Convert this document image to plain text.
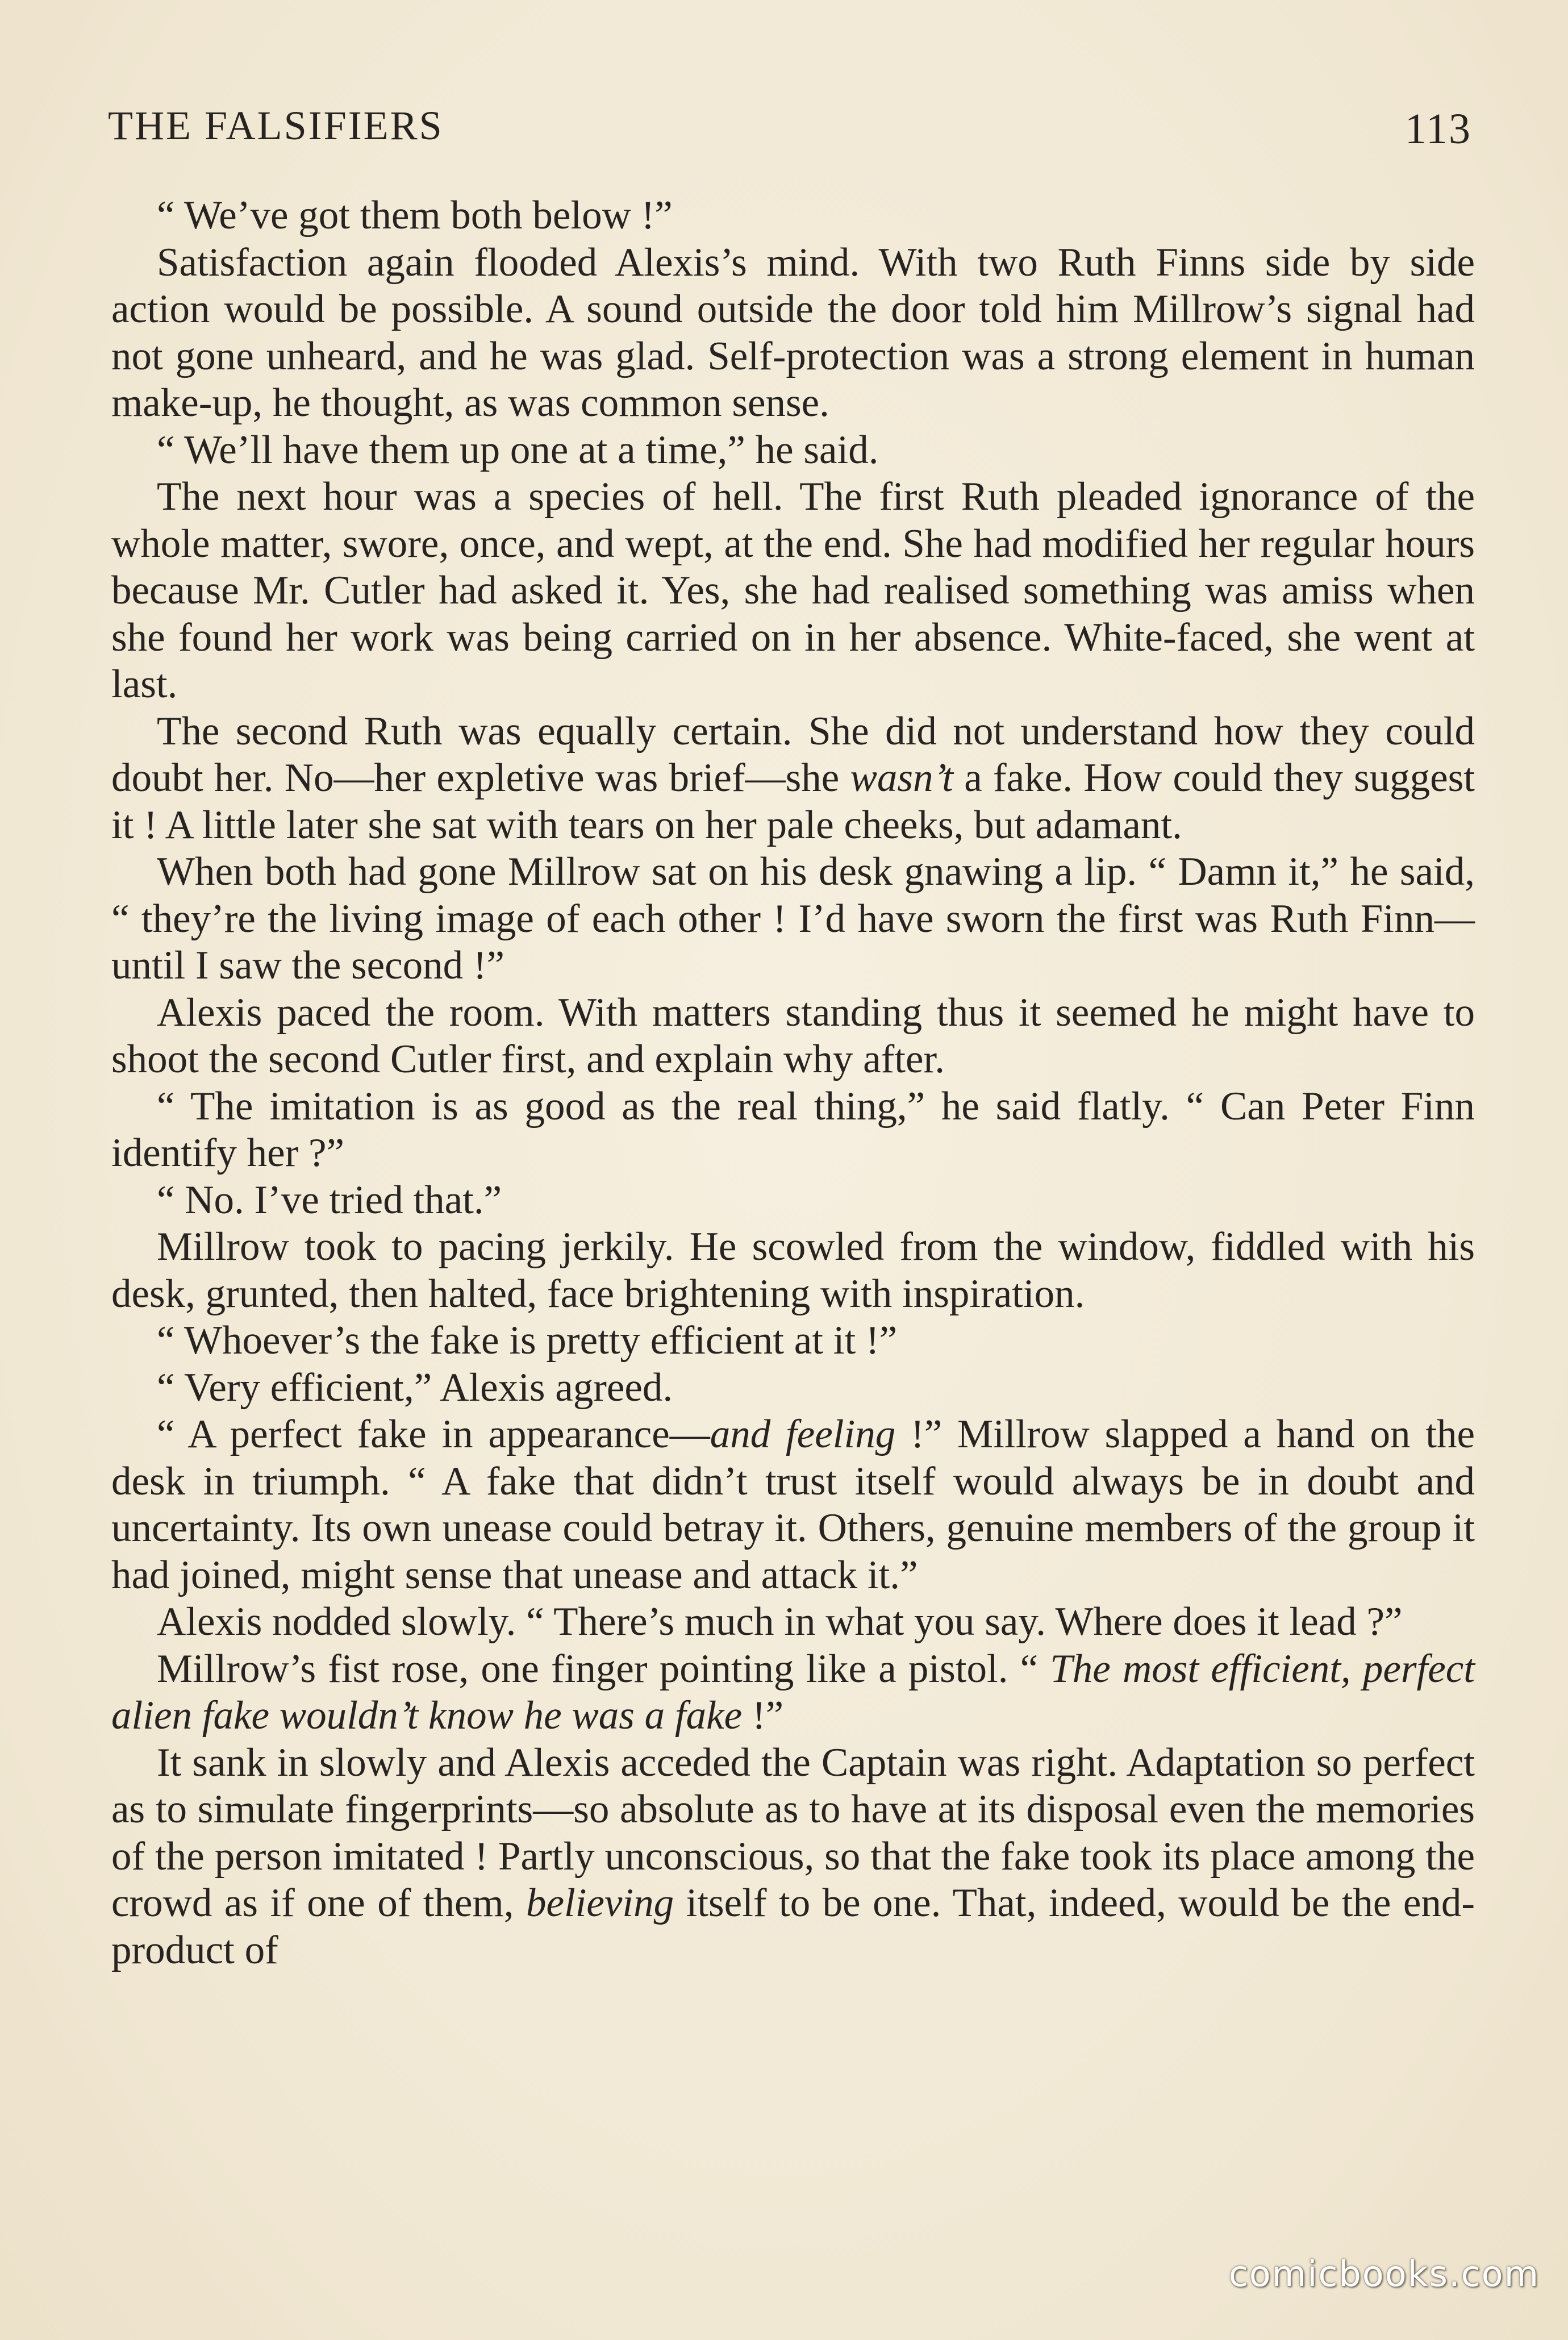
THE FALSIFIERS	113

“ We’ve got them both below !”

Satisfaction again flooded Alexis’s mind. With two Ruth Finns side by side action would be possible. A sound outside the door told him Millrow’s signal had not gone unheard, and he was glad. Self-protection was a strong element in human make-up, he thought, as was common sense.

“ We’ll have them up one at a time,” he said.

The next hour was a species of hell. The first Ruth pleaded ignorance of the whole matter, swore, once, and wept, at the end. She had modified her regular hours because Mr. Cutler had asked it. Yes, she had realised something was amiss when she found her work was being carried on in her absence. White-faced, she went at last.

The second Ruth was equally certain. She did not understand how they could doubt her. No—her expletive was brief—she wasn’t a fake. How could they suggest it ! A little later she sat with tears on her pale cheeks, but adamant.

When both had gone Millrow sat on his desk gnawing a lip. “ Damn it,” he said, “ they’re the living image of each other ! I’d have sworn the first was Ruth Finn—until I saw the second !”

Alexis paced the room. With matters standing thus it seemed he might have to shoot the second Cutler first, and explain why after.

“ The imitation is as good as the real thing,” he said flatly. “ Can Peter Finn identify her ?”

“ No. I’ve tried that.”

Millrow took to pacing jerkily. He scowled from the window, fiddled with his desk, grunted, then halted, face brightening with inspiration.

“ Whoever’s the fake is pretty efficient at it !”

“ Very efficient,” Alexis agreed.

“ A perfect fake in appearance—and feeling !” Millrow slapped a hand on the desk in triumph. “ A fake that didn’t trust itself would always be in doubt and uncertainty. Its own unease could betray it. Others, genuine members of the group it had joined, might sense that unease and attack it.”

Alexis nodded slowly. “ There’s much in what you say. Where does it lead ?”

Millrow’s fist rose, one finger pointing like a pistol. “ The most efficient, perfect alien fake wouldn’t know he was a fake !”

It sank in slowly and Alexis acceded the Captain was right. Adaptation so perfect as to simulate fingerprints—so absolute as to have at its disposal even the memories of the person imitated ! Partly unconscious, so that the fake took its place among the crowd as if one of them, believing itself to be one. That, indeed, would be the end-product of

comicbooks.com
